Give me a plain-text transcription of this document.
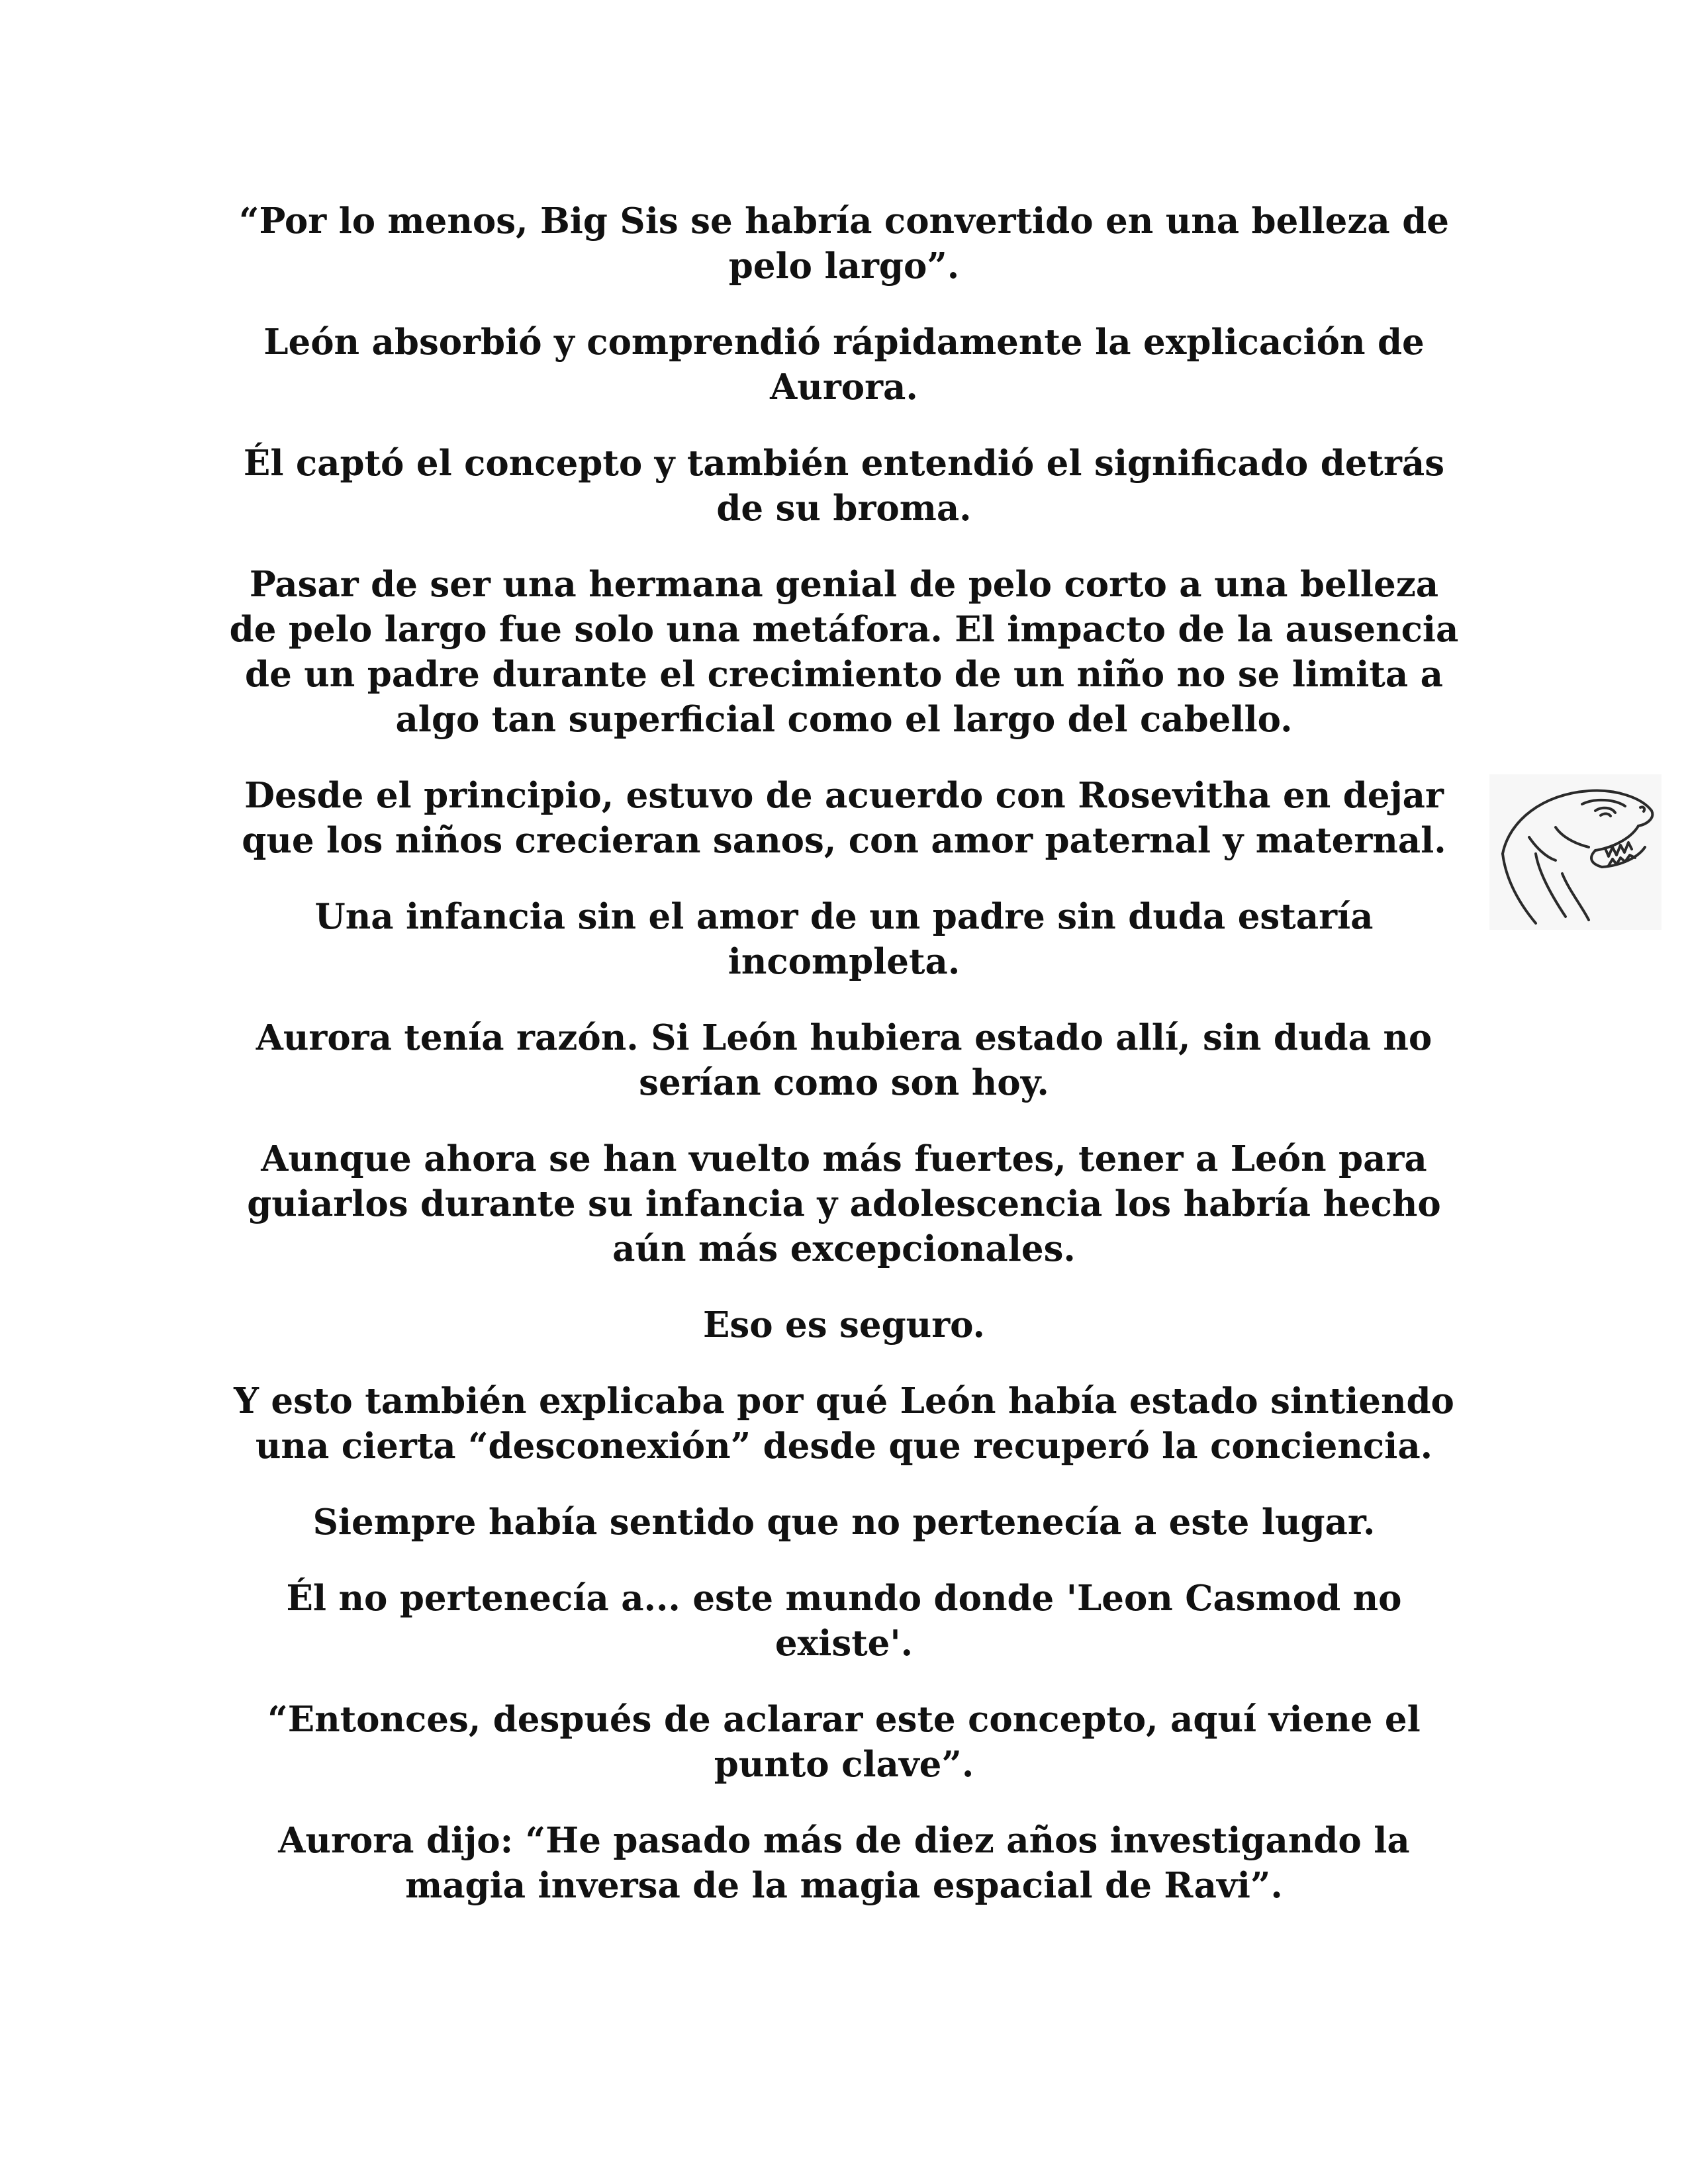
“Por lo menos, Big Sis se habría convertido en una belleza de pelo largo”.

León absorbió y comprendió rápidamente la explicación de Aurora.

Él captó el concepto y también entendió el significado detrás de su broma.

Pasar de ser una hermana genial de pelo corto a una belleza de pelo largo fue solo una metáfora. El impacto de la ausencia de un padre durante el crecimiento de un niño no se limita a algo tan superficial como el largo del cabello.

Desde el principio, estuvo de acuerdo con Rosevitha en dejar que los niños crecieran sanos, con amor paternal y maternal.

Una infancia sin el amor de un padre sin duda estaría incompleta.

Aurora tenía razón. Si León hubiera estado allí, sin duda no serían como son hoy.

Aunque ahora se han vuelto más fuertes, tener a León para guiarlos durante su infancia y adolescencia los habría hecho aún más excepcionales.

Eso es seguro.

Y esto también explicaba por qué León había estado sintiendo una cierta “desconexión” desde que recuperó la conciencia.

Siempre había sentido que no pertenecía a este lugar.

Él no pertenecía a... este mundo donde 'Leon Casmod no existe'.

“Entonces, después de aclarar este concepto, aquí viene el punto clave”.

Aurora dijo: “He pasado más de diez años investigando la magia inversa de la magia espacial de Ravi”.
